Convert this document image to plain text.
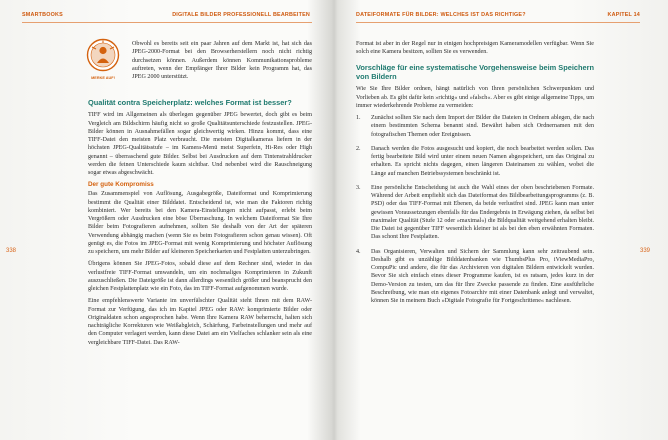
SMARTBOOKS	DIGITALE BILDER PROFESSIONELL BEARBEITEN
MERKE AUF!
338

Obwohl es bereits seit ein paar Jahren auf dem Markt ist, hat sich das JPEG-2000-Format bei den Browserherstellern noch nicht richtig durchsetzen können. Außerdem können Kommunikationsprobleme auftreten, wenn der Empfänger Ihrer Bilder kein Programm hat, das JPEG 2000 unterstützt.

Qualität contra Speicherplatz: welches Format ist besser?

TIFF wird im Allgemeinen als überlegen gegenüber JPEG bewertet, doch gibt es beim Vergleich am Bildschirm häufig nicht so große Qualitätsunterschiede festzustellen. JPEG-Bilder können in Ausnahmefällen sogar gleichwertig wirken. Hinzu kommt, dass eine TIFF-Datei den meisten Platz verbraucht. Die meisten Digitalkameras liefern in der höchsten JPEG-Qualitätsstufe – im Kamera-Menü meist Superfein, Hi-Res oder High genannt – überraschend gute Bilder. Selbst bei Ausdrucken auf dem Tintenstrahldrucker werden die feinen Unterschiede kaum sichtbar. Und nebenbei wird die Rauschneigung sogar etwas abgeschwächt.

Der gute Kompromiss

Das Zusammenspiel von Auflösung, Ausgabegröße, Dateiformat und Komprimierung bestimmt die Qualität einer Bilddatei. Entscheidend ist, wie man die Faktoren richtig kombiniert. Wer bereits bei den Kamera-Einstellungen nicht aufpasst, erlebt beim Vergrößern oder Ausdrucken eine böse Überraschung. In welchem Dateiformat Sie Ihre Bilder beim Fotografieren aufnehmen, sollten Sie deshalb von der Art der späteren Verwendung abhängig machen (wenn Sie es beim Fotografieren schon genau wissen). Oft genügt es, die Fotos im JPEG-Format mit wenig Komprimierung und höchster Auflösung zu speichern, um mehr Bilder auf kleineren Speicherkarten und Festplatten unterzubringen.

Übrigens können Sie JPEG-Fotos, sobald diese auf dem Rechner sind, wieder in das verlustfreie TIFF-Format umwandeln, um ein nochmaliges Komprimieren in Zukunft auszuschließen. Die Dateigröße ist dann allerdings wesentlich größer und beansprucht den gleichen Festplattenplatz wie ein Foto, das im TIFF-Format aufgenommen wurde.

Eine empfehlenswerte Variante im unverfälschter Qualität steht Ihnen mit dem RAW-Format zur Verfügung, das ich im Kapitel JPEG oder RAW: komprimierte Bilder oder Originaldaten schon angesprochen habe. Wenn Ihre Kamera RAW beherrscht, halten sich nachträgliche Korrekturen wie Weißabgleich, Schärfung, Farbeinstellungen und mehr auf den Computer verlagert werden, kann diese Datei am ein Vielfaches schlanker sein als eine vergleichbare TIFF-Datei. Das RAW-

DATEIFORMATE FÜR BILDER: WELCHES IST DAS RICHTIGE?	KAPITEL 14
339

Format ist aber in der Regel nur in einigen hochpreisigen Kameramodellen verfügbar. Wenn Sie solch eine Kamera besitzen, sollten Sie es verwenden.

Vorschläge für eine systematische Vorgehensweise beim Speichern von Bildern

Wie Sie Ihre Bilder ordnen, hängt natürlich von Ihren persönlichen Schwerpunkten und Vorlieben ab. Es gibt dafür kein »richtig« und »falsch«. Aber es gibt einige allgemeine Tipps, um immer wiederkehrende Probleme zu vermeiden:

1. Zunächst sollten Sie nach dem Import der Bilder die Dateien in Ordnern ablegen, die nach einem bestimmten Schema benannt sind. Bewährt haben sich Ordnernamen mit den fotografischen Themen oder Ereignissen.
2. Danach werden die Fotos ausgesucht und kopiert, die noch bearbeitet werden sollen. Das fertig bearbeitete Bild wird unter einem neuen Namen abgespeichert, um das Original zu erhalten. Es spricht nichts dagegen, einen längeren Dateinamen zu wählen, wobei die Länge auf manchen Betriebssystemen beschränkt ist.
3. Eine persönliche Entscheidung ist auch die Wahl eines der oben beschriebenen Formate. Während der Arbeit empfiehlt sich das Dateiformat des Bildbearbeitungsprogramms (z. B. PSD) oder das TIFF-Format mit Ebenen, da beide verlustfrei sind. JPEG kann man unter gewissen Voraussetzungen ebenfalls für das Endergebnis in Erwägung ziehen, da selbst bei maximaler Qualität (Stufe 12 oder »maximal«) die Bildqualität weitgehend erhalten bleibt. Die Datei ist gegenüber TIFF wesentlich kleiner ist als bei den eben erwähnten Formaten. Das schont Ihre Festplatten.
4. Das Organisieren, Verwalten und Sichern der Sammlung kann sehr zeitraubend sein. Deshalb gibt es unzählige Bilddatenbanken wie ThumbsPlus Pro, iViewMediaPro, CompuPic und andere, die für das Archivieren von digitalen Bildern entwickelt wurden. Bevor Sie sich einfach eines dieser Programme kaufen, ist es ratsam, jedes kurz in der Demo-Version zu testen, um das für Ihre Zwecke passende zu finden. Eine ausführliche Beschreibung, wie man ein eigenes Fotoarchiv mit einer Datenbank anlegt und verwaltet, können Sie in meinem Buch »Digitale Fotografie für Fortgeschrittene« nachlesen.
